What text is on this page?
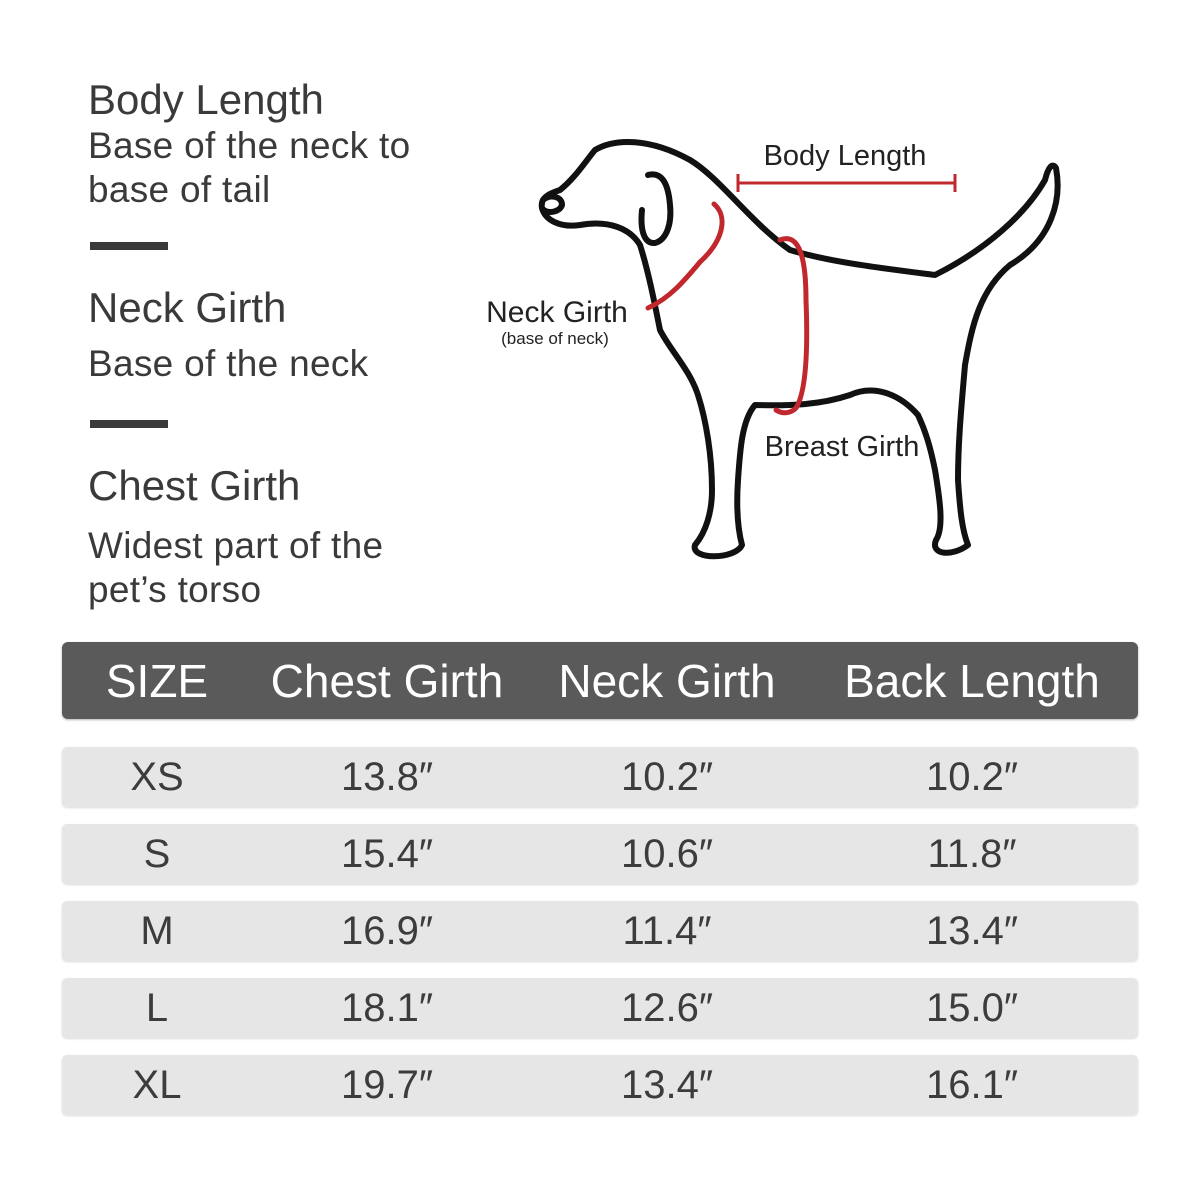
Body Length

Base of the neck to

base of tail

Neck Girth

Base of the neck

Chest Girth

Widest part of the

pet’s torso

Body Length
Neck Girth
(base of neck)
Breast Girth
SIZE	Chest Girth	Neck Girth	Back Length
XS	13.8″	10.2″	10.2″
S	15.4″	10.6″	11.8″
M	16.9″	11.4″	13.4″
L	18.1″	12.6″	15.0″
XL	19.7″	13.4″	16.1″
